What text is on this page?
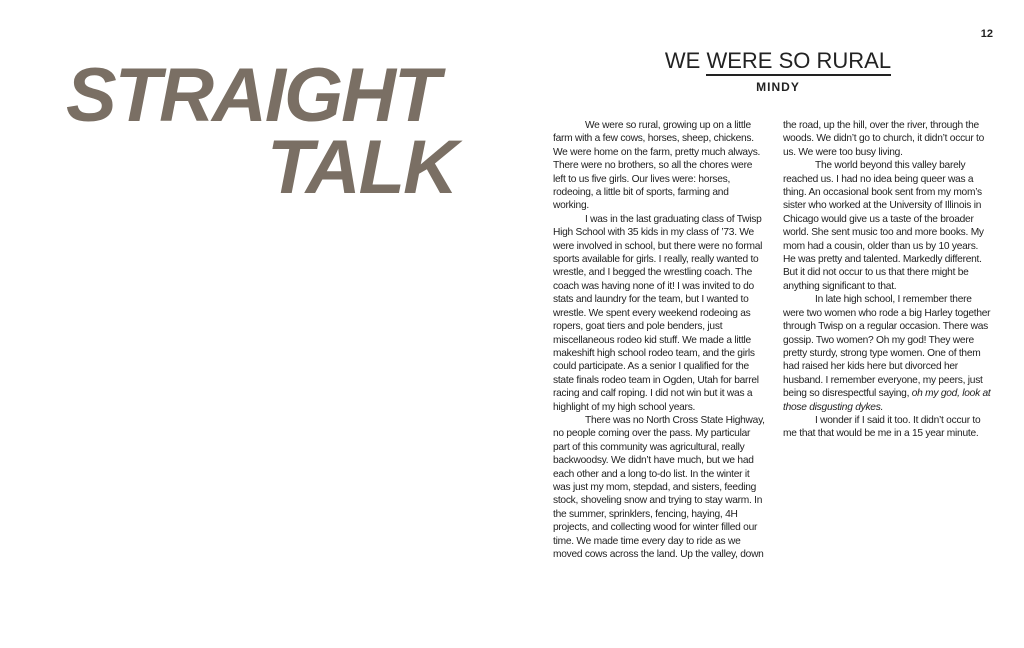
12
STRAIGHT
TALK
WE WERE SO RURAL
MINDY

We were so rural, growing up on a little farm with a few cows, horses, sheep, chickens. We were home on the farm, pretty much always. There were no brothers, so all the chores were left to us five girls. Our lives were: horses, rodeoing, a little bit of sports, farming and working.

I was in the last graduating class of Twisp High School with 35 kids in my class of ’73. We were involved in school, but there were no formal sports available for girls. I really, really wanted to wrestle, and I begged the wrestling coach. The coach was having none of it! I was invited to do stats and laundry for the team, but I wanted to wrestle. We spent every weekend rodeoing as ropers, goat tiers and pole benders, just miscellaneous rodeo kid stuff. We made a little makeshift high school rodeo team, and the girls could participate. As a senior I qualified for the state finals rodeo team in Ogden, Utah for barrel racing and calf roping. I did not win but it was a highlight of my high school years.

There was no North Cross State Highway, no people coming over the pass. My particular part of this community was agricultural, really backwoodsy. We didn’t have much, but we had each other and a long to-do list. In the winter it was just my mom, stepdad, and sisters, feeding stock, shoveling snow and trying to stay warm. In the summer, sprinklers, fencing, haying, 4H projects, and collecting wood for winter filled our time. We made time every day to ride as we moved cows across the land. Up the valley, down

the road, up the hill, over the river, through the woods. We didn’t go to church, it didn’t occur to us. We were too busy living.

The world beyond this valley barely reached us. I had no idea being queer was a thing. An occasional book sent from my mom’s sister who worked at the University of Illinois in Chicago would give us a taste of the broader world. She sent music too and more books. My mom had a cousin, older than us by 10 years. He was pretty and talented. Markedly different. But it did not occur to us that there might be anything significant to that.

In late high school, I remember there were two women who rode a big Harley together through Twisp on a regular occasion. There was gossip. Two women? Oh my god! They were pretty sturdy, strong type women. One of them had raised her kids here but divorced her husband. I remember everyone, my peers, just being so disrespectful saying, oh my god, look at those disgusting dykes.

I wonder if I said it too. It didn’t occur to me that that would be me in a 15 year minute.
